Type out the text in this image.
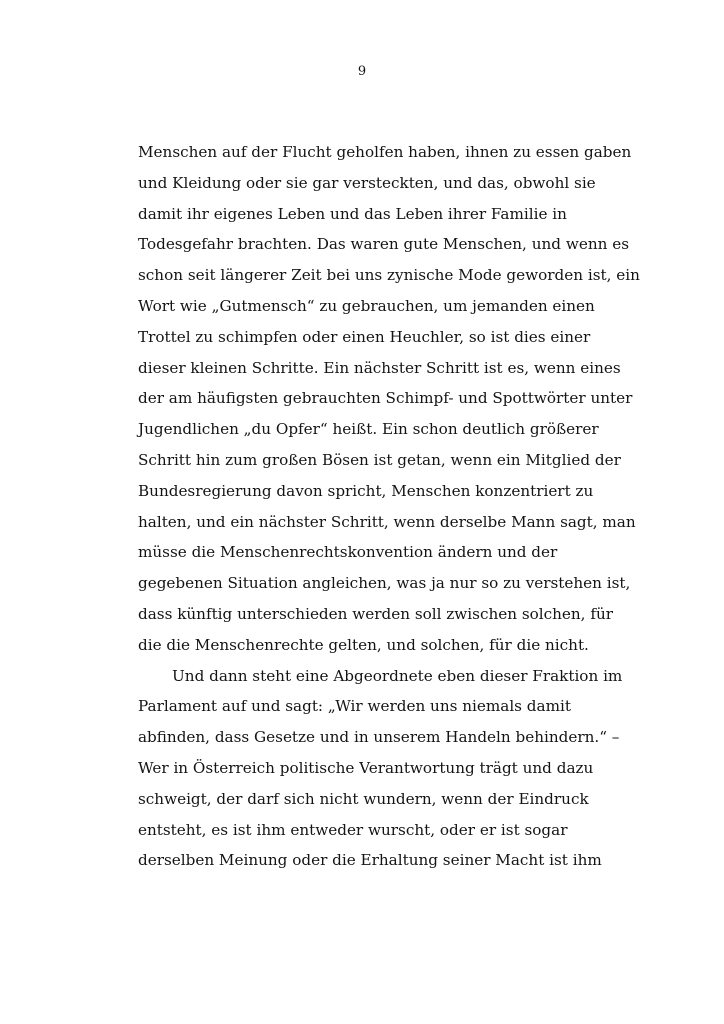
9

Menschen auf der Flucht geholfen haben, ihnen zu essen gaben
und Kleidung oder sie gar versteckten, und das, obwohl sie
damit ihr eigenes Leben und das Leben ihrer Familie in
Todesgefahr brachten. Das waren gute Menschen, und wenn es
schon seit längerer Zeit bei uns zynische Mode geworden ist, ein
Wort wie „Gutmensch“ zu gebrauchen, um jemanden einen
Trottel zu schimpfen oder einen Heuchler, so ist dies einer
dieser kleinen Schritte. Ein nächster Schritt ist es, wenn eines
der am häufigsten gebrauchten Schimpf- und Spottwörter unter
Jugendlichen „du Opfer“ heißt. Ein schon deutlich größerer
Schritt hin zum großen Bösen ist getan, wenn ein Mitglied der
Bundesregierung davon spricht, Menschen konzentriert zu
halten, und ein nächster Schritt, wenn derselbe Mann sagt, man
müsse die Menschenrechtskonvention ändern und der
gegebenen Situation angleichen, was ja nur so zu verstehen ist,
dass künftig unterschieden werden soll zwischen solchen, für
die die Menschenrechte gelten, und solchen, für die nicht.
Und dann steht eine Abgeordnete eben dieser Fraktion im
Parlament auf und sagt: „Wir werden uns niemals damit
abfinden, dass Gesetze und in unserem Handeln behindern.“ –
Wer in Österreich politische Verantwortung trägt und dazu
schweigt, der darf sich nicht wundern, wenn der Eindruck
entsteht, es ist ihm entweder wurscht, oder er ist sogar
derselben Meinung oder die Erhaltung seiner Macht ist ihm
